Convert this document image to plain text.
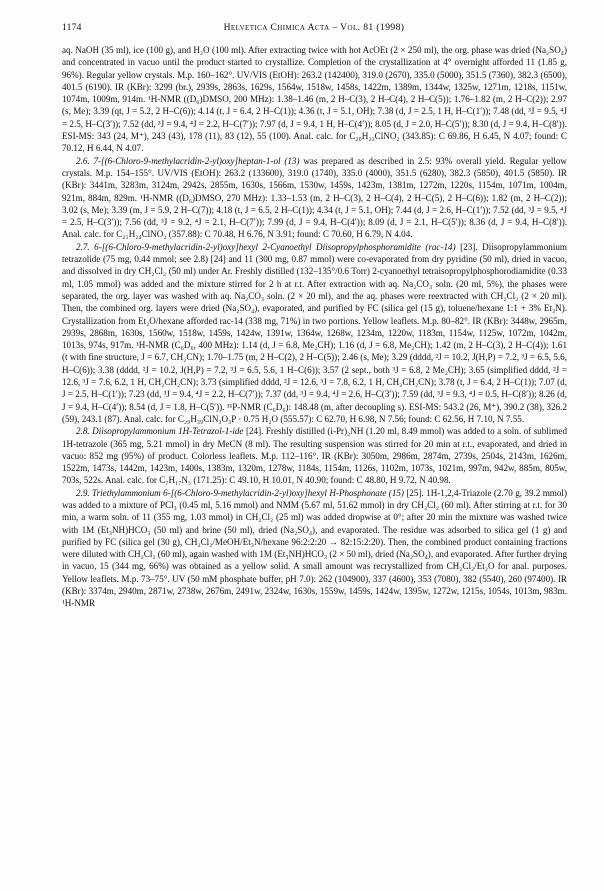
1174	Helvetica Chimica Acta – Vol. 81 (1998)

aq. NaOH (35 ml), ice (100 g), and H₂O (100 ml). After extracting twice with hot AcOEt (2 × 250 ml), the org. phase was dried (Na₂SO₄) and concentrated in vacuo until the product started to crystallize. Completion of the crystallization at 4° overnight afforded 11 (1.85 g, 96%). Regular yellow crystals. M.p. 160–162°. UV/VIS (EtOH): 263.2 (142400), 319.0 (2670), 335.0 (5000), 351.5 (7360), 382.3 (6500), 401.5 (6190). IR (KBr): 3299 (br.), 2939s, 2863s, 1629s, 1564w, 1518w, 1458s, 1422m, 1389m, 1344w, 1325w, 1271m, 1218s, 1151w, 1074m, 1009m, 914m. ¹H-NMR ((D₆)DMSO, 200 MHz): 1.38–1.46 (m, 2 H–C(3), 2 H–C(4), 2 H–C(5)); 1.76–1.82 (m, 2 H–C(2)); 2.97 (s, Me); 3.39 (qt, J = 5.2, 2 H–C(6)); 4.14 (t, J = 6.4, 2 H–C(1)); 4.36 (t, J = 5.1, OH); 7.38 (d, J = 2.5, 1 H, H–C(1′)); 7.48 (dd, ³J = 9.5, ⁴J = 2.5, H–C(3′)); 7.52 (dd, ³J = 9.4, ⁴J = 2.2, H–C(7′)); 7.97 (d, J = 9.4, 1 H, H–C(4′)); 8.05 (d, J = 2.0, H–C(5′)); 8.30 (d, J = 9.4, H–C(8′)). ESI-MS: 343 (24, M⁺), 243 (43), 178 (11), 83 (12), 55 (100). Anal. calc. for C₂₀H₂₂ClNO₂ (343.85): C 69.86, H 6.45, N 4.07; found: C 70.12, H 6.44, N 4.07.

2.6. 7-[(6-Chloro-9-methylacridin-2-yl)oxy]heptan-1-ol (13) was prepared as described in 2.5: 93% overall yield. Regular yellow crystals. M.p. 154–155°. UV/VIS (EtOH): 263.2 (133600), 319.0 (1740), 335.0 (4000), 351.5 (6280), 382.3 (5850), 401.5 (5850). IR (KBr): 3441m, 3283m, 3124m, 2942s, 2855m, 1630s, 1566m, 1530w, 1459s, 1423m, 1381m, 1272m, 1220s, 1154m, 1071m, 1004m, 921m, 884m, 829m. ¹H-NMR ((D₆)DMSO, 270 MHz): 1.33–1.53 (m, 2 H–C(3), 2 H–C(4), 2 H–C(5), 2 H–C(6)); 1.82 (m, 2 H–C(2)); 3.02 (s, Me); 3.39 (m, J = 5.9, 2 H–C(7)); 4.18 (t, J = 6.5, 2 H–C(1)); 4.34 (t, J = 5.1, OH); 7.44 (d, J = 2.6, H–C(1′)); 7.52 (dd, ³J = 9.5, ⁴J = 2.5, H–C(3′)); 7.56 (dd, ³J = 9.2, ⁴J = 2.1, H–C(7′)); 7.99 (d, J = 9.4, H–C(4′)); 8.09 (d, J = 2.1, H–C(5′)); 8.36 (d, J = 9.4, H–C(8′)). Anal. calc. for C₂₁H₂₄ClNO₂ (357.88): C 70.48, H 6.76, N 3.91; found: C 70.60, H 6.79, N 4.04.

2.7. 6-[(6-Chloro-9-methylacridin-2-yl)oxy]hexyl 2-Cyanoethyl Diisopropylphosphoramidite (rac-14) [23]. Diisopropylammonium tetrazolide (75 mg, 0.44 mmol; see 2.8) [24] and 11 (300 mg, 0.87 mmol) were co-evaporated from dry pyridine (50 ml), dried in vacuo, and dissolved in dry CH₂Cl₂ (50 ml) under Ar. Freshly distilled (132–135°/0.6 Torr) 2-cyanoethyl tetraisopropylphosphorodiamidite (0.33 ml, 1.05 mmol) was added and the mixture stirred for 2 h at r.t. After extraction with aq. Na₂CO₃ soln. (20 ml, 5%), the phases were separated, the org. layer was washed with aq. Na₂CO₃ soln. (2 × 20 ml), and the aq. phases were reextracted with CH₂Cl₂ (2 × 20 ml). Then, the combined org. layers were dried (Na₂SO₄), evaporated, and purified by FC (silica gel (15 g), toluene/hexane 1:1 + 3% Et₃N). Crystallization from Et₂O/hexane afforded rac-14 (338 mg, 71%) in two portions. Yellow leaflets. M.p. 80–82°. IR (KBr): 3448w, 2965m, 2939s, 2868m, 1630s, 1560w, 1518w, 1459s, 1424w, 1391w, 1364w, 1268w, 1234m, 1220w, 1183m, 1154w, 1125w, 1072m, 1042m, 1013s, 974s, 917m. ¹H-NMR (C₆D₆, 400 MHz): 1.14 (d, J = 6.8, Me₂CH); 1.16 (d, J = 6.8, Me₂CH); 1.42 (m, 2 H–C(3), 2 H–C(4)); 1.61 (t with fine structure, J = 6.7, CH₂CN); 1.70–1.75 (m, 2 H–C(2), 2 H–C(5)); 2.46 (s, Me); 3.29 (dddd, ²J = 10.2, J(H,P) = 7.2, ³J = 6.5, 5.6, H–C(6)); 3.38 (dddd, ²J = 10.2, J(H,P) = 7.2, ³J = 6.5, 5.6, 1 H–C(6)); 3.57 (2 sept., both ³J = 6.8, 2 Me₂CH); 3.65 (simplified dddd, ²J = 12.6, ³J = 7.6, 6.2, 1 H, CH₂CH₂CN); 3.73 (simplified dddd, ²J = 12.6, ³J = 7.8, 6.2, 1 H, CH₂CH₂CN); 3.78 (t, J = 6.4, 2 H–C(1)); 7.07 (d, J = 2.5, H–C(1′)); 7.23 (dd, ³J = 9.4, ⁴J = 2.2, H–C(7′)); 7.37 (dd, ³J = 9.4, ⁴J = 2.6, H–C(3′)); 7.59 (dd, ³J = 9.3, ⁴J = 0.5, H–C(8′)); 8.26 (d, J = 9.4, H–C(4′)); 8.54 (d, J = 1.8, H–C(5′)). ³¹P-NMR (C₆D₆): 148.48 (m, after decoupling s). ESI-MS: 543.2 (26, M⁺), 390.2 (38), 326.2 (59), 243.1 (87). Anal. calc. for C₂₉H₃₉ClN₃O₃P · 0.75 H₂O (555.57): C 62.70, H 6.98, N 7.56; found: C 62.56, H 7.10, N 7.55.

2.8. Diisopropylammonium 1H-Tetrazol-1-ide [24]. Freshly distilled (i-Pr)₂NH (1.20 ml, 8.49 mmol) was added to a soln. of sublimed 1H-tetrazole (365 mg, 5.21 mmol) in dry MeCN (8 ml). The resulting suspension was stirred for 20 min at r.t., evaporated, and dried in vacuo: 852 mg (95%) of product. Colorless leaflets. M.p. 112–116°. IR (KBr): 3050m, 2986m, 2874m, 2739s, 2504s, 2143m, 1626m, 1522m, 1473s, 1442m, 1423m, 1400s, 1383m, 1320m, 1278w, 1184s, 1154m, 1126s, 1102m, 1073s, 1021m, 997m, 942w, 885m, 805w, 703s, 522s. Anal. calc. for C₇H₁₇N₅ (171.25): C 49.10, H 10.01, N 40.90; found: C 48.80, H 9.72, N 40.98.

2.9. Triethylammonium 6-[(6-Chloro-9-methylacridin-2-yl)oxy]hexyl H-Phosphonate (15) [25]. 1H-1,2,4-Triazole (2.70 g, 39.2 mmol) was added to a mixture of PCl₃ (0.45 ml, 5.16 mmol) and NMM (5.67 ml, 51.62 mmol) in dry CH₂Cl₂ (60 ml). After stirring at r.t. for 30 min, a warm soln. of 11 (355 mg, 1.03 mmol) in CH₂Cl₂ (25 ml) was added dropwise at 0°; after 20 min the mixture was washed twice with 1M (Et₃NH)HCO₃ (50 ml) and brine (50 ml), dried (Na₂SO₄), and evaporated. The residue was adsorbed to silica gel (1 g) and purified by FC (silica gel (30 g), CH₂Cl₂/MeOH/Et₃N/hexane 96:2:2:20 → 82:15:2:20). Then, the combined product containing fractions were diluted with CH₂Cl₂ (60 ml), again washed with 1M (Et₃NH)HCO₃ (2 × 50 ml), dried (Na₂SO₄), and evaporated. After further drying in vacuo, 15 (344 mg, 66%) was obtained as a yellow solid. A small amount was recrystallized from CH₂Cl₂/Et₂O for anal. purposes. Yellow leaflets. M.p. 73–75°. UV (50 mM phosphate buffer, pH 7.0): 262 (104900), 337 (4600), 353 (7080), 382 (5540), 260 (97400). IR (KBr): 3374m, 2940m, 2871w, 2738w, 2676m, 2491w, 2324w, 1630s, 1559w, 1459s, 1424w, 1395w, 1272w, 1215s, 1054s, 1013m, 983m. ¹H-NMR
